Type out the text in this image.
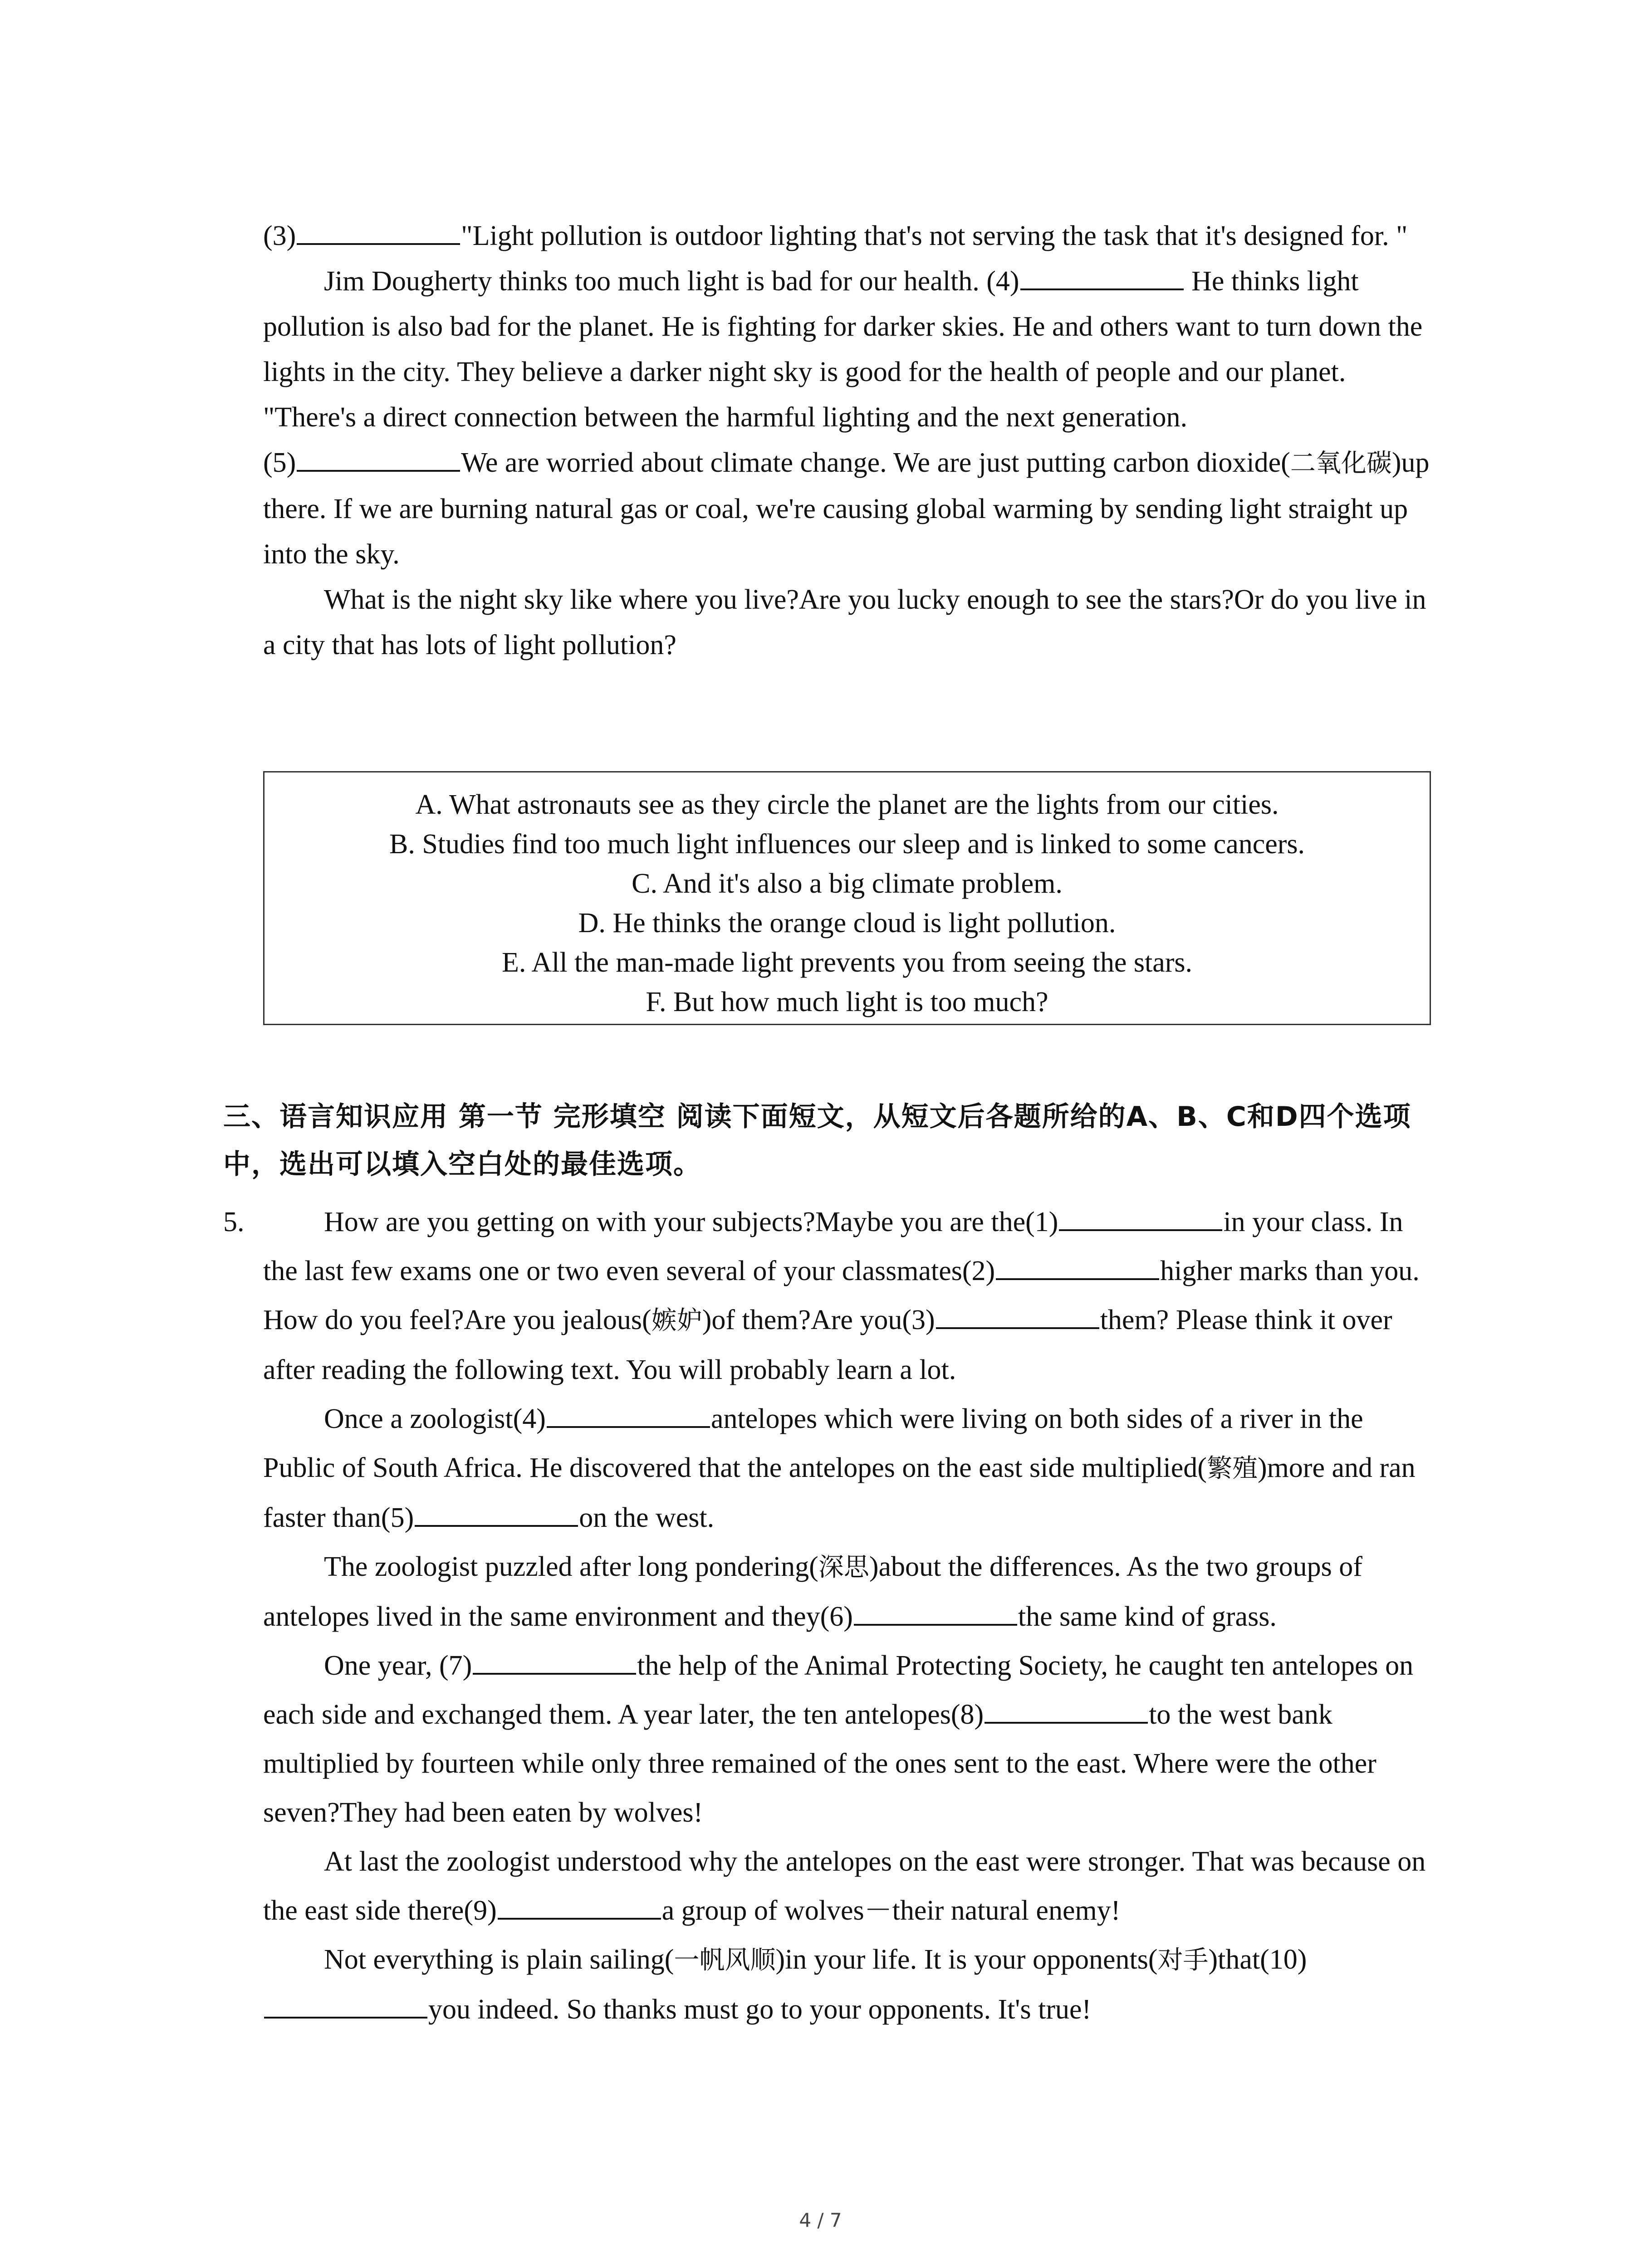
(3)	"Light pollution is outdoor lighting that's not serving the task that it's designed for. "

Jim Dougherty thinks too much light is bad for our health. (4)	He thinks light pollution is also bad for the planet. He is fighting for darker skies. He and others want to turn down the lights in the city. They believe a darker night sky is good for the health of people and our planet. "There's a direct connection between the harmful lighting and the next generation.
(5)	We are worried about climate change. We are just putting carbon dioxide(二氧化碳)up there. If we are burning natural gas or coal, we're causing global warming by sending light straight up into the sky.

What is the night sky like where you live?Are you lucky enough to see the stars?Or do you live in a city that has lots of light pollution?

A. What astronauts see as they circle the planet are the lights from our cities.

B. Studies find too much light influences our sleep and is linked to some cancers.

C. And it's also a big climate problem.

D. He thinks the orange cloud is light pollution.

E. All the man-made light prevents you from seeing the stars.

F. But how much light is too much?

三、语言知识应用 第一节 完形填空 阅读下面短文，从短文后各题所给的A、B、C和D四个选项中，选出可以填入空白处的最佳选项。
5.	How are you getting on with your subjects?Maybe you are the(1)	in your class. In the last few exams one or two even several of your classmates(2)	higher marks than you. How do you feel?Are you jealous(嫉妒)of them?Are you(3)	them? Please think it over after reading the following text. You will probably learn a lot.

Once a zoologist(4)	antelopes which were living on both sides of a river in the Public of South Africa. He discovered that the antelopes on the east side multiplied(繁殖)more and ran faster than(5)	on the west.

The zoologist puzzled after long pondering(深思)about the differences. As the two groups of antelopes lived in the same environment and they(6)	the same kind of grass.

One year, (7)	the help of the Animal Protecting Society, he caught ten antelopes on each side and exchanged them. A year later, the ten antelopes(8)	to the west bank multiplied by fourteen while only three remained of the ones sent to the east. Where were the other seven?They had been eaten by wolves!

At last the zoologist understood why the antelopes on the east were stronger. That was because on the east side there(9)	a group of wolves－their natural enemy!

Not everything is plain sailing(一帆风顺)in your life. It is your opponents(对手)that(10)you indeed. So thanks must go to your opponents. It's true!

4 / 7
